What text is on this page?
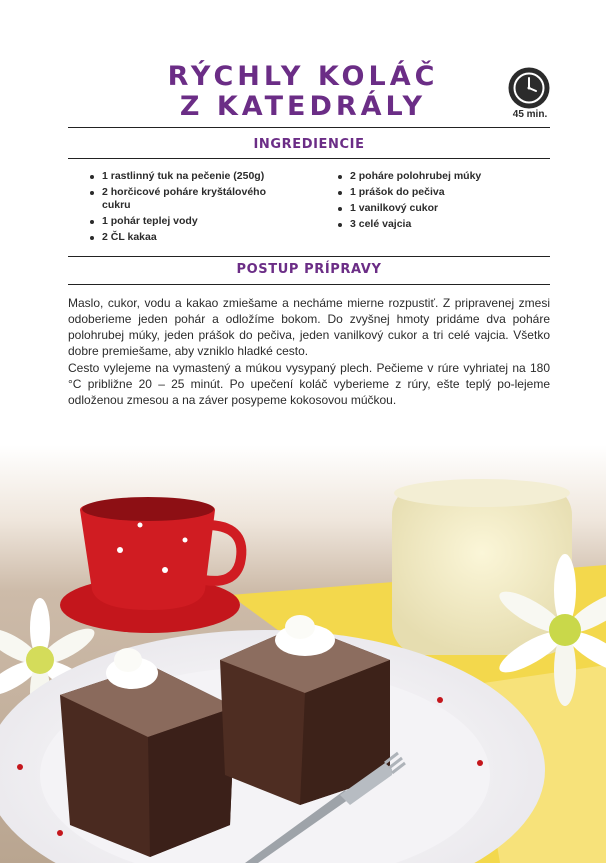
RÝCHLY KOLÁČ
Z KATEDRÁLY	45 min.
INGREDIENCIE
1 rastlinný tuk na pečenie (250g)
2 horčicové poháre kryštálového cukru
1 pohár teplej vody
2 ČL kakaa
2 poháre polohrubej múky
1 prášok do pečiva
1 vanilkový cukor
3 celé vajcia
POSTUP PRÍPRAVY

Maslo, cukor, vodu a kakao zmiešame a necháme mierne rozpustiť. Z pripravenej zmesi odoberieme jeden pohár a odložíme bokom. Do zvyšnej hmoty pridáme dva poháre polohrubej múky, jeden prášok do pečiva, jeden vanilkový cukor a tri celé vajcia. Všetko dobre premiešame, aby vzniklo hladké cesto.

Cesto vylejeme na vymastený a múkou vysypaný plech. Pečieme v rúre vyhriatej na 180 °C približne 20 – 25 minút. Po upečení koláč vyberieme z rúry, ešte teplý po-lejeme odloženou zmesou a na záver posypeme kokosovou múčkou.
